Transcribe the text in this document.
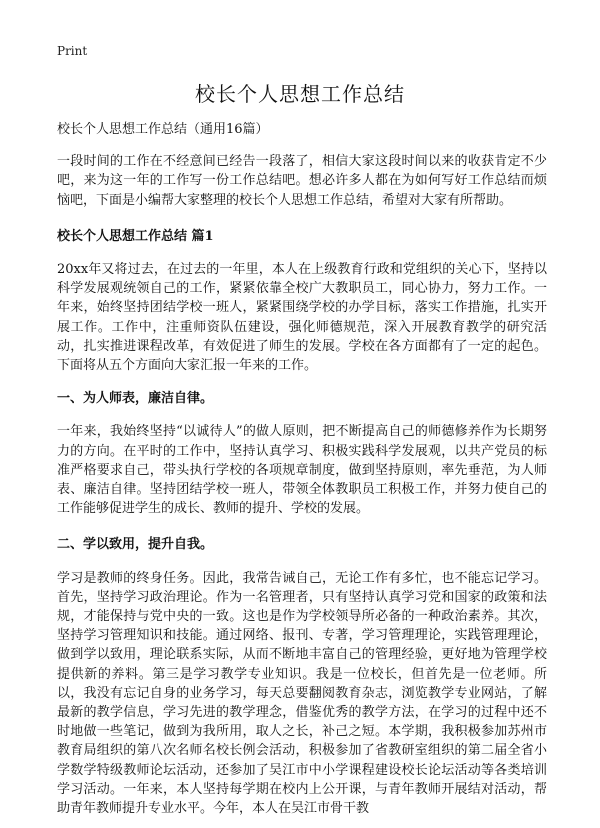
Print
校长个人思想工作总结
校长个人思想工作总结（通用16篇）
一段时间的工作在不经意间已经告一段落了，相信大家这段时间以来的收获肯定不少吧，来为这一年的工作写一份工作总结吧。想必许多人都在为如何写好工作总结而烦恼吧，下面是小编帮大家整理的校长个人思想工作总结，希望对大家有所帮助。
校长个人思想工作总结 篇1
20xx年又将过去，在过去的一年里，本人在上级教育行政和党组织的关心下，坚持以科学发展观统领自己的工作，紧紧依靠全校广大教职员工，同心协力，努力工作。一年来，始终坚持团结学校一班人，紧紧围绕学校的办学目标，落实工作措施，扎实开展工作。工作中，注重师资队伍建设，强化师德规范，深入开展教育教学的研究活动，扎实推进课程改革，有效促进了师生的发展。学校在各方面都有了一定的起色。下面将从五个方面向大家汇报一年来的工作。
一、为人师表，廉洁自律。
一年来，我始终坚持“以诚待人”的做人原则，把不断提高自己的师德修养作为长期努力的方向。在平时的工作中，坚持认真学习、积极实践科学发展观，以共产党员的标准严格要求自己，带头执行学校的各项规章制度，做到坚持原则，率先垂范，为人师表、廉洁自律。坚持团结学校一班人，带领全体教职员工积极工作，并努力使自己的工作能够促进学生的成长、教师的提升、学校的发展。
二、学以致用，提升自我。
学习是教师的终身任务。因此，我常告诫自己，无论工作有多忙，也不能忘记学习。首先，坚持学习政治理论。作为一名管理者，只有坚持认真学习党和国家的政策和法规，才能保持与党中央的一致。这也是作为学校领导所必备的一种政治素养。其次，坚持学习管理知识和技能。通过网络、报刊、专著，学习管理理论，实践管理理论，做到学以致用，理论联系实际，从而不断地丰富自己的管理经验，更好地为管理学校提供新的养料。第三是学习教学专业知识。我是一位校长，但首先是一位老师。所以，我没有忘记自身的业务学习，每天总要翻阅教育杂志，浏览教学专业网站，了解最新的教学信息，学习先进的教学理念，借鉴优秀的教学方法，在学习的过程中还不时地做一些笔记，做到为我所用，取人之长，补己之短。本学期，我积极参加苏州市教育局组织的第八次名师名校长例会活动，积极参加了省教研室组织的第二届全省小学数学特级教师论坛活动，还参加了吴江市中小学课程建设校长论坛活动等各类培训学习活动。一年来，本人坚持每学期在校内上公开课，与青年教师开展结对活动，帮助青年教师提升专业水平。今年，本人在吴江市骨干教
